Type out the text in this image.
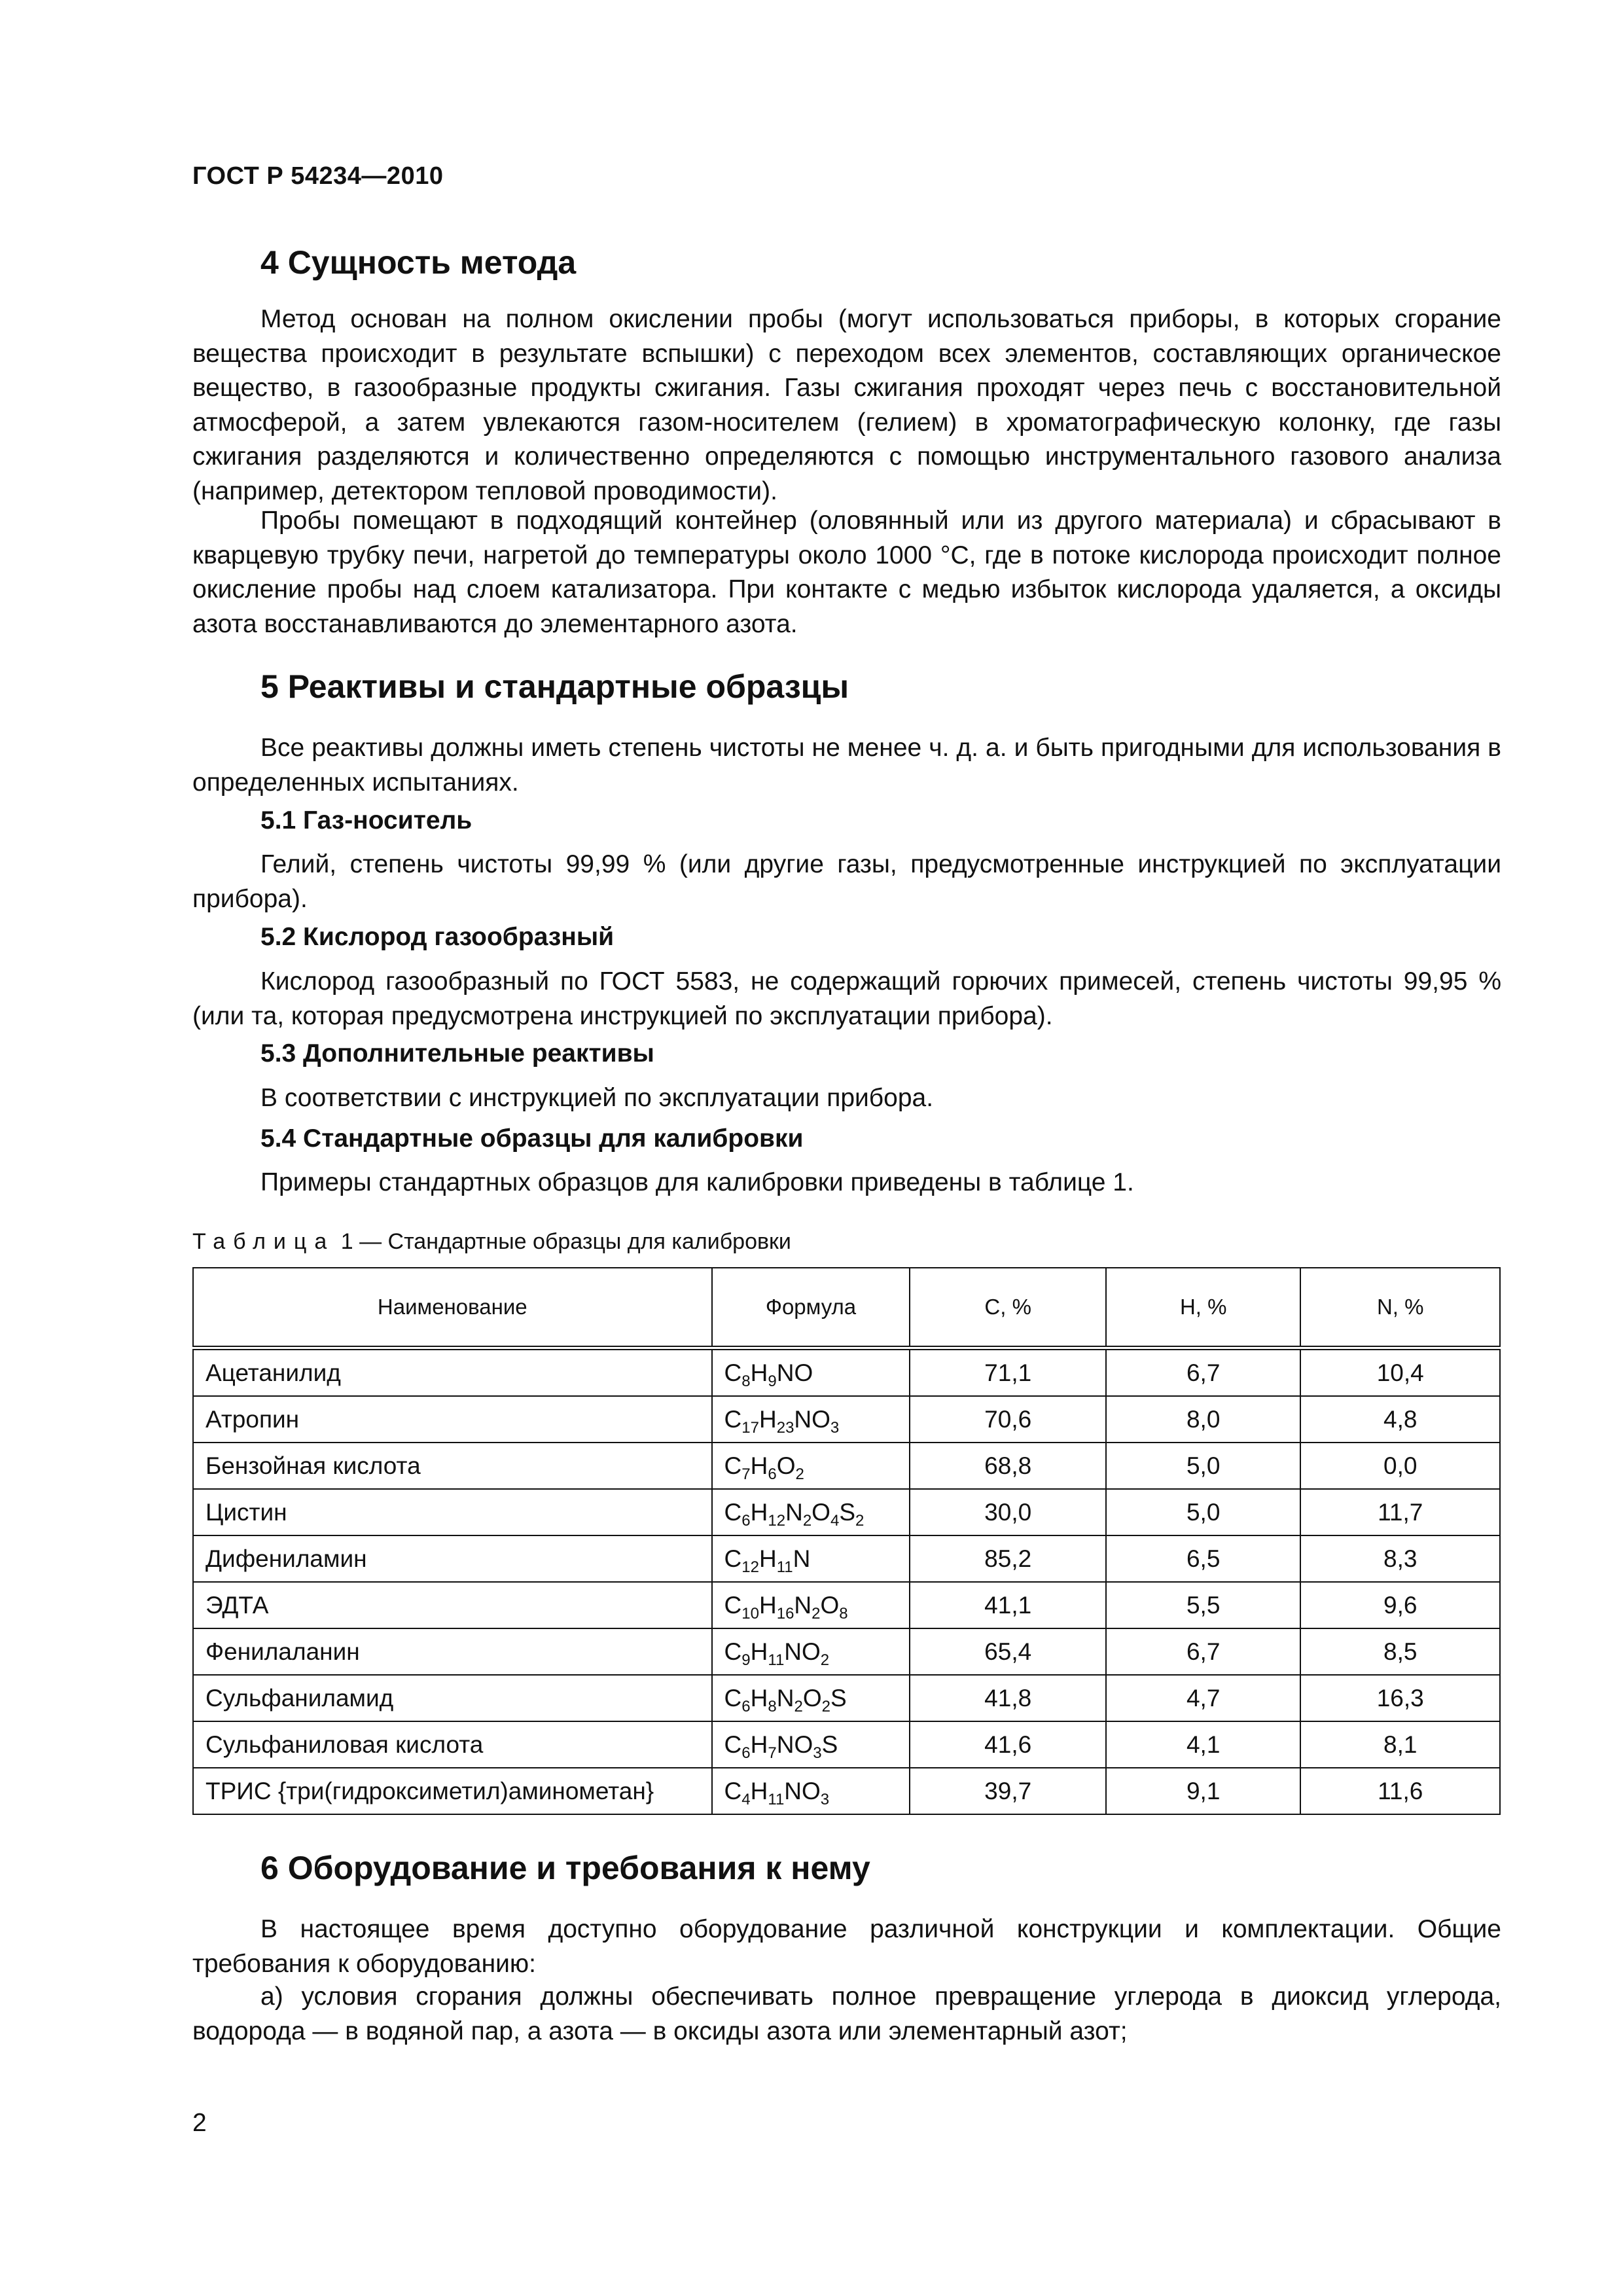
ГОСТ Р 54234—2010
4 Сущность метода
Метод основан на полном окислении пробы (могут использоваться приборы, в которых сгорание вещества происходит в результате вспышки) с переходом всех элементов, составляющих органическое вещество, в газообразные продукты сжигания. Газы сжигания проходят через печь с восстановительной атмосферой, а затем увлекаются газом-носителем (гелием) в хроматографическую колонку, где газы сжигания разделяются и количественно определяются с помощью инструментального газового анализа (например, детектором тепловой проводимости).
Пробы помещают в подходящий контейнер (оловянный или из другого материала) и сбрасывают в кварцевую трубку печи, нагретой до температуры около 1000 °С, где в потоке кислорода происходит полное окисление пробы над слоем катализатора. При контакте с медью избыток кислорода удаляется, а оксиды азота восстанавливаются до элементарного азота.
5 Реактивы и стандартные образцы
Все реактивы должны иметь степень чистоты не менее ч. д. а. и быть пригодными для использования в определенных испытаниях.
5.1 Газ-носитель
Гелий, степень чистоты 99,99 % (или другие газы, предусмотренные инструкцией по эксплуатации прибора).
5.2 Кислород газообразный
Кислород газообразный по ГОСТ 5583, не содержащий горючих примесей, степень чистоты 99,95 % (или та, которая предусмотрена инструкцией по эксплуатации прибора).
5.3 Дополнительные реактивы
В соответствии с инструкцией по эксплуатации прибора.
5.4 Стандартные образцы для калибровки
Примеры стандартных образцов для калибровки приведены в таблице 1.
Таблица 1 — Стандартные образцы для калибровки
Наименование	Формула	С, %	Н, %	N, %
Ацетанилид	$C_8H_9NO$	71,1	6,7	10,4
Атропин	$C_{17}H_{23}NO_3$	70,6	8,0	4,8
Бензойная кислота	$C_7H_6O_2$	68,8	5,0	0,0
Цистин	$C_6H_{12}N_2O_4S_2$	30,0	5,0	11,7
Дифениламин	$C_{12}H_{11}N$	85,2	6,5	8,3
ЭДТА	$C_{10}H_{16}N_2O_8$	41,1	5,5	9,6
Фенилаланин	$C_9H_{11}NO_2$	65,4	6,7	8,5
Сульфаниламид	$C_6H_8N_2O_2S$	41,8	4,7	16,3
Сульфаниловая кислота	$C_6H_7NO_3S$	41,6	4,1	8,1
ТРИС {три(гидроксиметил)аминометан}	$C_4H_{11}NO_3$	39,7	9,1	11,6
6 Оборудование и требования к нему
В настоящее время доступно оборудование различной конструкции и комплектации. Общие требования к оборудованию:
а) условия сгорания должны обеспечивать полное превращение углерода в диоксид углерода, водорода — в водяной пар, а азота — в оксиды азота или элементарный азот;
2
